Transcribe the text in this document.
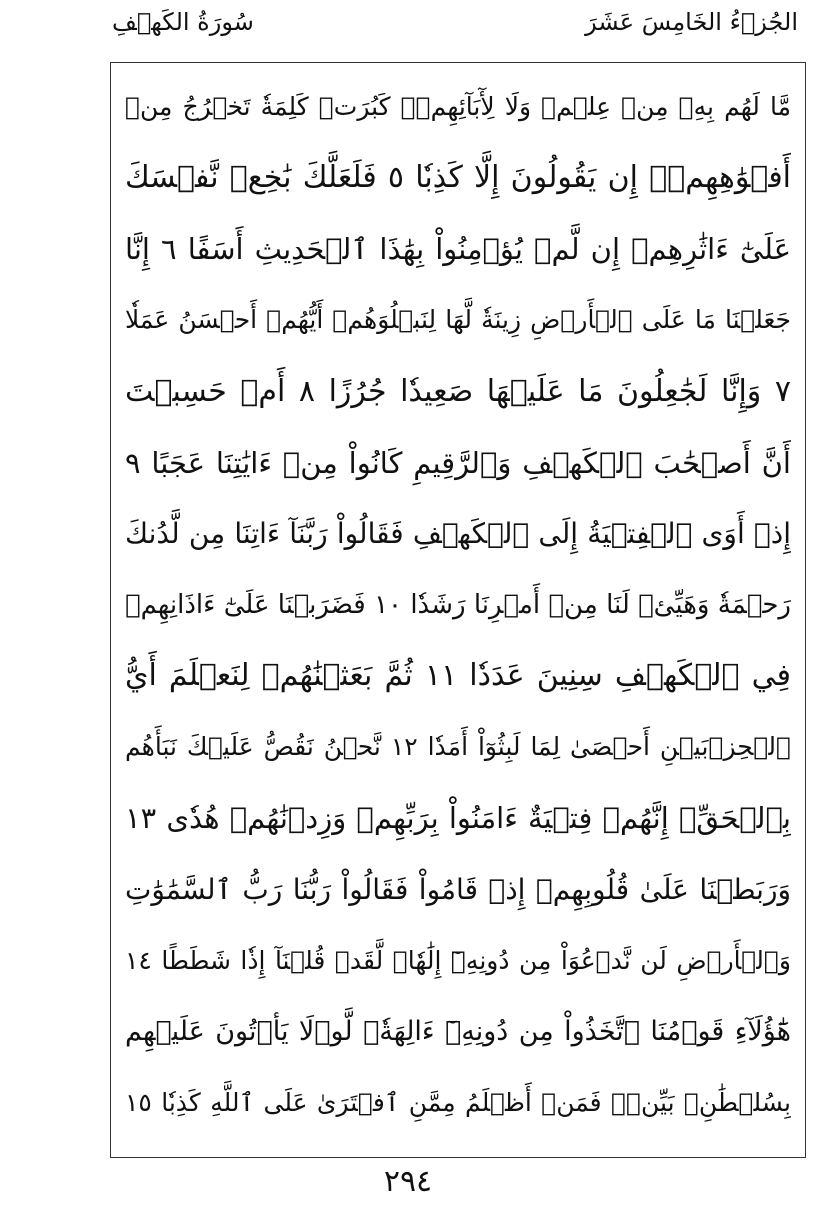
سُورَةُ الكَهۡفِ	الجُزۡءُ الخَامِسَ عَشَرَ
مَّا لَهُم بِهِۦ مِنۡ عِلۡمٖ وَلَا لِأٓبَآئِهِمۡۚ كَبُرَتۡ كَلِمَةٗ تَخۡرُجُ مِنۡ
أَفۡوَٰهِهِمۡۚ إِن يَقُولُونَ إِلَّا كَذِبٗا ٥ فَلَعَلَّكَ بَٰخِعٞ نَّفۡسَكَ
عَلَىٰٓ ءَاثَٰرِهِمۡ إِن لَّمۡ يُؤۡمِنُواْ بِهَٰذَا ٱلۡحَدِيثِ أَسَفًا ٦ إِنَّا
جَعَلۡنَا مَا عَلَى ٱلۡأَرۡضِ زِينَةٗ لَّهَا لِنَبۡلُوَهُمۡ أَيُّهُمۡ أَحۡسَنُ عَمَلٗا
٧ وَإِنَّا لَجَٰعِلُونَ مَا عَلَيۡهَا صَعِيدٗا جُرُزًا ٨ أَمۡ حَسِبۡتَ
أَنَّ أَصۡحَٰبَ ٱلۡكَهۡفِ وَٱلرَّقِيمِ كَانُواْ مِنۡ ءَايَٰتِنَا عَجَبًا ٩
إِذۡ أَوَى ٱلۡفِتۡيَةُ إِلَى ٱلۡكَهۡفِ فَقَالُواْ رَبَّنَآ ءَاتِنَا مِن لَّدُنكَ
رَحۡمَةٗ وَهَيِّئۡ لَنَا مِنۡ أَمۡرِنَا رَشَدٗا ١٠ فَضَرَبۡنَا عَلَىٰٓ ءَاذَانِهِمۡ
فِي ٱلۡكَهۡفِ سِنِينَ عَدَدٗا ١١ ثُمَّ بَعَثۡنَٰهُمۡ لِنَعۡلَمَ أَيُّ
ٱلۡحِزۡبَيۡنِ أَحۡصَىٰ لِمَا لَبِثُوٓاْ أَمَدٗا ١٢ نَّحۡنُ نَقُصُّ عَلَيۡكَ نَبَأَهُم
بِٱلۡحَقِّۚ إِنَّهُمۡ فِتۡيَةٌ ءَامَنُواْ بِرَبِّهِمۡ وَزِدۡنَٰهُمۡ هُدٗى ١٣
وَرَبَطۡنَا عَلَىٰ قُلُوبِهِمۡ إِذۡ قَامُواْ فَقَالُواْ رَبُّنَا رَبُّ ٱلسَّمَٰوَٰتِ
وَٱلۡأَرۡضِ لَن نَّدۡعُوَاْ مِن دُونِهِۦٓ إِلَٰهٗاۖ لَّقَدۡ قُلۡنَآ إِذٗا شَطَطًا ١٤
هَٰٓؤُلَآءِ قَوۡمُنَا ٱتَّخَذُواْ مِن دُونِهِۦٓ ءَالِهَةٗۖ لَّوۡلَا يَأۡتُونَ عَلَيۡهِم
بِسُلۡطَٰنِۭ بَيِّنٖۖ فَمَنۡ أَظۡلَمُ مِمَّنِ ٱفۡتَرَىٰ عَلَى ٱللَّهِ كَذِبٗا ١٥
٢٩٤
